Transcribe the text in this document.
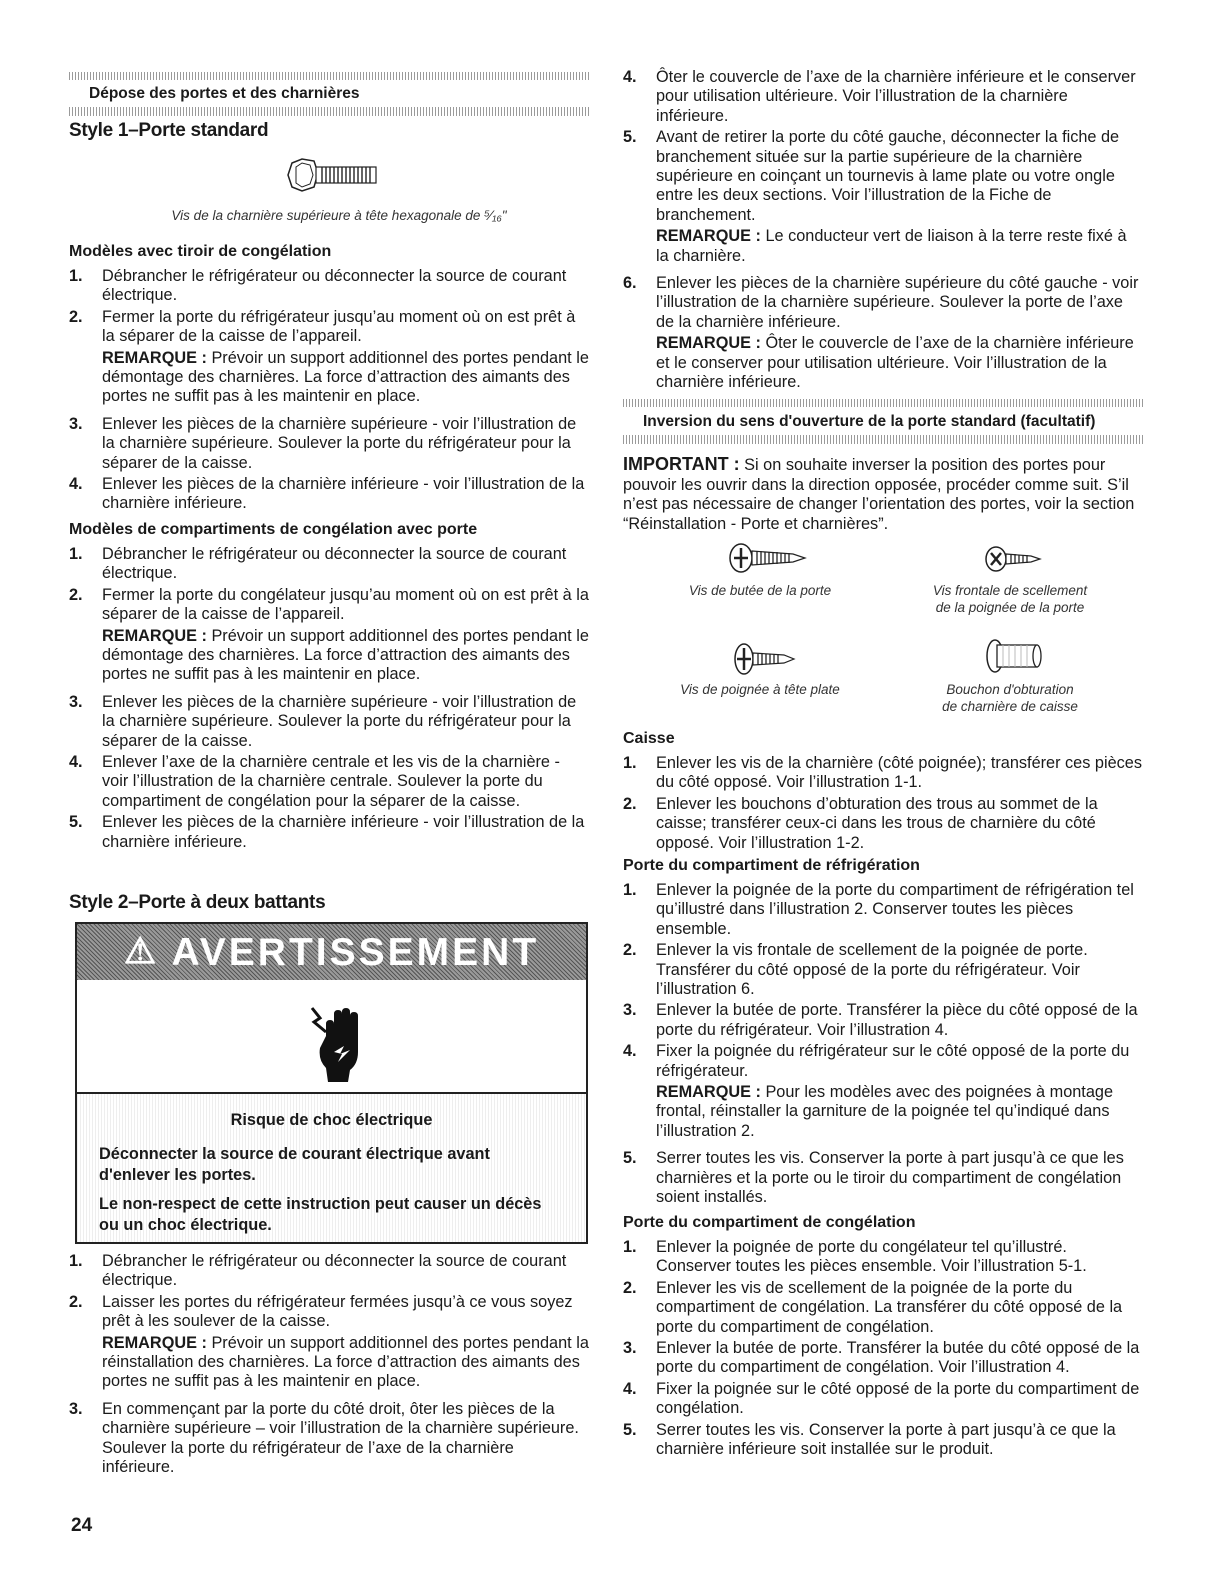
Dépose des portes et des charnières
Style 1–Porte standard
Vis de la charnière supérieure à tête hexagonale de ⁵⁄₁₆"
Modèles avec tiroir de congélation
1. Débrancher le réfrigérateur ou déconnecter la source de courant électrique.
2. Fermer la porte du réfrigérateur jusqu’au moment où on est prêt à la séparer de la caisse de l’appareil.
REMARQUE : Prévoir un support additionnel des portes pendant le démontage des charnières. La force d’attraction des aimants des portes ne suffit pas à les maintenir en place.
3. Enlever les pièces de la charnière supérieure - voir l’illustration de la charnière supérieure. Soulever la porte du réfrigérateur pour la séparer de la caisse.
4. Enlever les pièces de la charnière inférieure - voir l’illustration de la charnière inférieure.
Modèles de compartiments de congélation avec porte
1. Débrancher le réfrigérateur ou déconnecter la source de courant électrique.
2. Fermer la porte du congélateur jusqu’au moment où on est prêt à la séparer de la caisse de l’appareil.
REMARQUE : Prévoir un support additionnel des portes pendant le démontage des charnières. La force d’attraction des aimants des portes ne suffit pas à les maintenir en place.
3. Enlever les pièces de la charnière supérieure - voir l’illustration de la charnière supérieure. Soulever la porte du réfrigérateur pour la séparer de la caisse.
4. Enlever l’axe de la charnière centrale et les vis de la charnière - voir l’illustration de la charnière centrale. Soulever la porte du compartiment de congélation pour la séparer de la caisse.
5. Enlever les pièces de la charnière inférieure - voir l’illustration de la charnière inférieure.
Style 2–Porte à deux battants
⚠ AVERTISSEMENT
Risque de choc électrique
Déconnecter la source de courant électrique avant d'enlever les portes.
Le non-respect de cette instruction peut causer un décès ou un choc électrique.
1. Débrancher le réfrigérateur ou déconnecter la source de courant électrique.
2. Laisser les portes du réfrigérateur fermées jusqu’à ce vous soyez prêt à les soulever de la caisse.
REMARQUE : Prévoir un support additionnel des portes pendant la réinstallation des charnières. La force d’attraction des aimants des portes ne suffit pas à les maintenir en place.
3. En commençant par la porte du côté droit, ôter les pièces de la charnière supérieure – voir l’illustration de la charnière supérieure. Soulever la porte du réfrigérateur de l’axe de la charnière inférieure.
4. Ôter le couvercle de l’axe de la charnière inférieure et le conserver pour utilisation ultérieure. Voir l’illustration de la charnière inférieure.
5. Avant de retirer la porte du côté gauche, déconnecter la fiche de branchement située sur la partie supérieure de la charnière supérieure en coinçant un tournevis à lame plate ou votre ongle entre les deux sections. Voir l’illustration de la Fiche de branchement.
REMARQUE : Le conducteur vert de liaison à la terre reste fixé à la charnière.
6. Enlever les pièces de la charnière supérieure du côté gauche - voir l’illustration de la charnière supérieure. Soulever la porte de l’axe de la charnière inférieure.
REMARQUE : Ôter le couvercle de l’axe de la charnière inférieure et le conserver pour utilisation ultérieure. Voir l’illustration de la charnière inférieure.
Inversion du sens d'ouverture de la porte standard (facultatif)
IMPORTANT : Si on souhaite inverser la position des portes pour pouvoir les ouvrir dans la direction opposée, procéder comme suit. S’il n’est pas nécessaire de changer l’orientation des portes, voir la section “Réinstallation - Porte et charnières”.
Vis de butée de la porte	Vis frontale de scellement
de la poignée de la porte
Vis de poignée à tête plate	Bouchon d'obturation
de charnière de caisse
Caisse
1. Enlever les vis de la charnière (côté poignée); transférer ces pièces du côté opposé. Voir l’illustration 1-1.
2. Enlever les bouchons d’obturation des trous au sommet de la caisse; transférer ceux-ci dans les trous de charnière du côté opposé. Voir l’illustration 1-2.
Porte du compartiment de réfrigération
1. Enlever la poignée de la porte du compartiment de réfrigération tel qu’illustré dans l’illustration 2. Conserver toutes les pièces ensemble.
2. Enlever la vis frontale de scellement de la poignée de porte. Transférer du côté opposé de la porte du réfrigérateur. Voir l’illustration 6.
3. Enlever la butée de porte. Transférer la pièce du côté opposé de la porte du réfrigérateur. Voir l’illustration 4.
4. Fixer la poignée du réfrigérateur sur le côté opposé de la porte du réfrigérateur.
REMARQUE : Pour les modèles avec des poignées à montage frontal, réinstaller la garniture de la poignée tel qu’indiqué dans l’illustration 2.
5. Serrer toutes les vis. Conserver la porte à part jusqu’à ce que les charnières et la porte ou le tiroir du compartiment de congélation soient installés.
Porte du compartiment de congélation
1. Enlever la poignée de porte du congélateur tel qu’illustré. Conserver toutes les pièces ensemble. Voir l’illustration 5-1.
2. Enlever les vis de scellement de la poignée de la porte du compartiment de congélation. La transférer du côté opposé de la porte du compartiment de congélation.
3. Enlever la butée de porte. Transférer la butée du côté opposé de la porte du compartiment de congélation. Voir l’illustration 4.
4. Fixer la poignée sur le côté opposé de la porte du compartiment de congélation.
5. Serrer toutes les vis. Conserver la porte à part jusqu’à ce que la charnière inférieure soit installée sur le produit.
24
